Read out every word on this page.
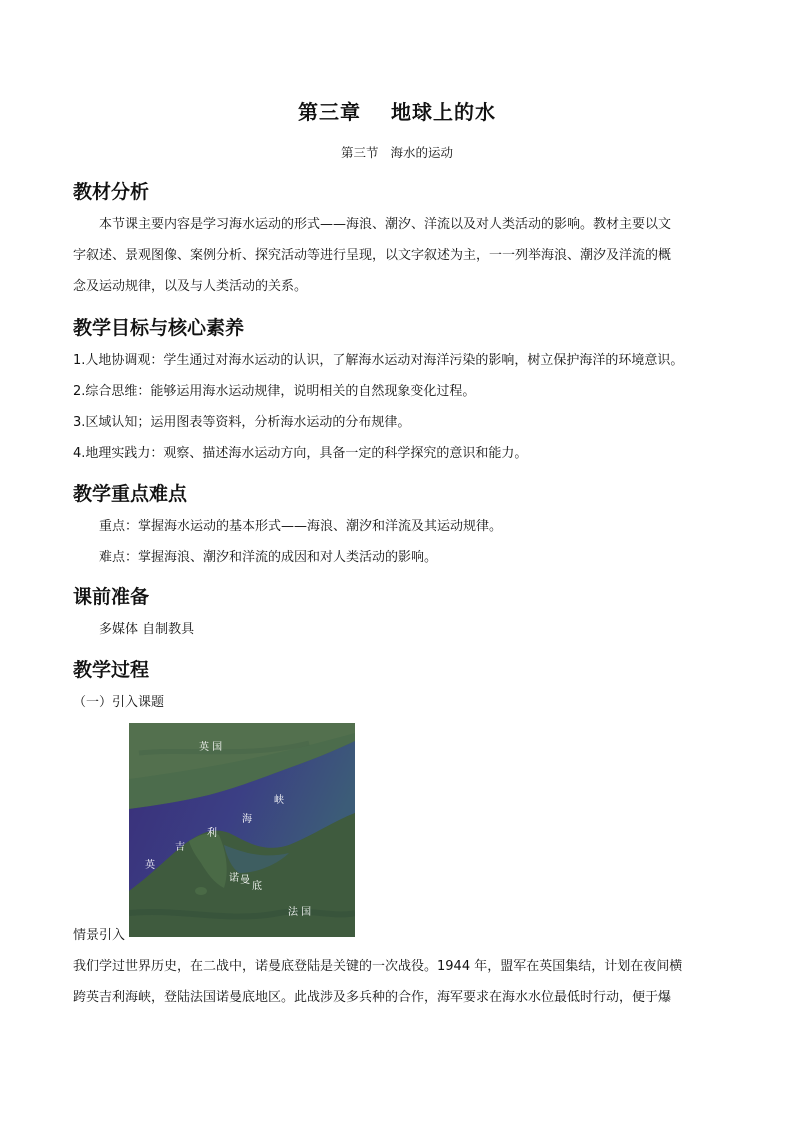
第三章 地球上的水
第三节 海水的运动
教材分析
本节课主要内容是学习海水运动的形式——海浪、潮汐、洋流以及对人类活动的影响。教材主要以文
字叙述、景观图像、案例分析、探究活动等进行呈现，以文字叙述为主，一一列举海浪、潮汐及洋流的概
念及运动规律，以及与人类活动的关系。
教学目标与核心素养
1.人地协调观：学生通过对海水运动的认识，了解海水运动对海洋污染的影响，树立保护海洋的环境意识。
2.综合思维：能够运用海水运动规律，说明相关的自然现象变化过程。
3.区域认知；运用图表等资料，分析海水运动的分布规律。
4.地理实践力：观察、描述海水运动方向，具备一定的科学探究的意识和能力。
教学重点难点
重点：掌握海水运动的基本形式——海浪、潮汐和洋流及其运动规律。
难点：掌握海浪、潮汐和洋流的成因和对人类活动的影响。
课前准备
多媒体 自制教具
教学过程
（一）引入课题
英 国
法 国
英
吉
利
海
峡
诺 曼
底
情景引入
我们学过世界历史，在二战中，诺曼底登陆是关键的一次战役。1944 年，盟军在英国集结，计划在夜间横
跨英吉利海峡，登陆法国诺曼底地区。此战涉及多兵种的合作，海军要求在海水水位最低时行动，便于爆
